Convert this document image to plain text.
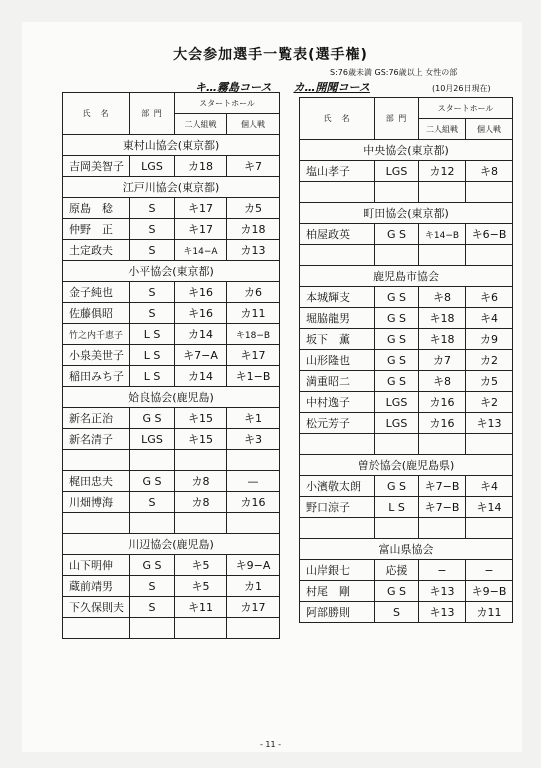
大会参加選手一覧表(選手権)
S:76歳未満 GS:76歳以上 女性の部
キ…霧島コース カ…開聞コース	(10月26日現在)
氏　名	部 門	スタートホール	
		二人組戦	個人戦
東村山協会(東京都)			
吉岡美智子	LGS	カ18	キ7
江戸川協会(東京都)			
原島　稔	S	キ17	カ5
仲野　正	S	キ17	カ18
土定政夫	S	キ14−A	カ13
小平協会(東京都)			
金子純也	S	キ16	カ6
佐藤俱昭	S	キ16	カ11
竹之内千恵子	L S	カ14	キ18−B
小泉美世子	L S	キ7−A	キ17
稲田みち子	L S	カ14	キ1−B
姶良協会(鹿児島)			
新名正治	G S	キ15	キ1
新名清子	LGS	キ15	キ3

梶田忠夫	G S	カ8	—
川畑博海	S	カ8	カ16

川辺協会(鹿児島)			
山下明伸	G S	キ5	キ9−A
蔵前靖男	S	キ5	カ1
下久保則夫	S	キ11	カ17

氏　名	部 門	スタートホール	
		二人組戦	個人戦
中央協会(東京都)			
塩山孝子	LGS	カ12	キ8

町田協会(東京都)			
柏屋政英	G S	キ14−B	キ6−B

鹿児島市協会			
本城輝支	G S	キ8	キ6
堀脇龍男	G S	キ18	キ4
坂下　薫	G S	キ18	カ9
山形隆也	G S	カ7	カ2
満重昭二	G S	キ8	カ5
中村逸子	LGS	カ16	キ2
松元芳子	LGS	カ16	キ13

曽於協会(鹿児島県)			
小濱敬太朗	G S	キ7−B	キ4
野口涼子	L S	キ7−B	キ14

富山県協会			
山岸銀七	応援	−	−
村尾　剛	G S	キ13	キ9−B
阿部勝則	S	キ13	カ11
- 11 -
